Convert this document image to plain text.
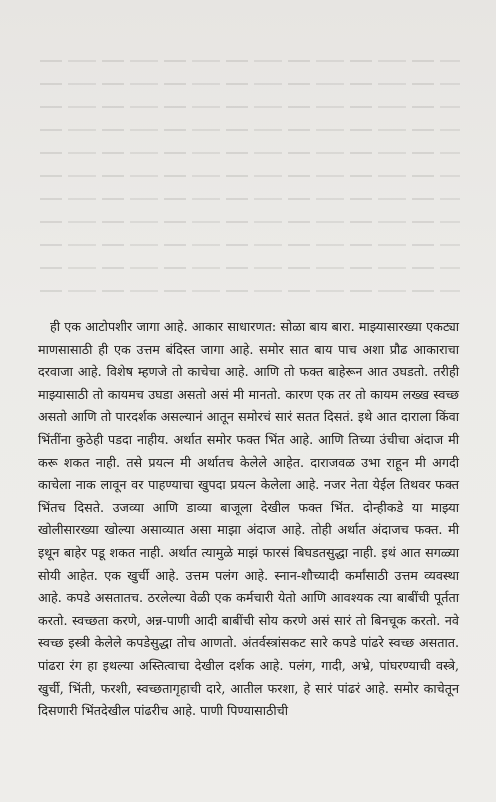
ही एक आटोपशीर जागा आहे. आकार साधारणत: सोळा बाय बारा. माझ्यासारख्या एकट्या माणसासाठी ही एक उत्तम बंदिस्त जागा आहे. समोर सात बाय पाच अशा प्रौढ आकाराचा दरवाजा आहे. विशेष म्हणजे तो काचेचा आहे. आणि तो फक्त बाहेरून आत उघडतो. तरीही माझ्यासाठी तो कायमच उघडा असतो असं मी मानतो. कारण एक तर तो कायम लख्ख स्वच्छ असतो आणि तो पारदर्शक असल्यानं आतून समोरचं सारं सतत दिसतं. इथे आत दाराला किंवा भिंतींना कुठेही पडदा नाहीय. अर्थात समोर फक्त भिंत आहे. आणि तिच्या उंचीचा अंदाज मी करू शकत नाही. तसे प्रयत्न मी अर्थातच केलेले आहेत. दाराजवळ उभा राहून मी अगदी काचेला नाक लावून वर पाहण्याचा खुपदा प्रयत्न केलेला आहे. नजर नेता येईल तिथवर फक्त भिंतच दिसते. उजव्या आणि डाव्या बाजूला देखील फक्त भिंत. दोन्हीकडे या माझ्या खोलीसारख्या खोल्या असाव्यात असा माझा अंदाज आहे. तोही अर्थात अंदाजच फक्त. मी इथून बाहेर पडू शकत नाही. अर्थात त्यामुळे माझं फारसं बिघडतसुद्धा नाही. इथं आत सगळ्या सोयी आहेत. एक खुर्ची आहे. उत्तम पलंग आहे. स्नान-शौच्यादी कर्मांसाठी उत्तम व्यवस्था आहे. कपडे असतातच. ठरलेल्या वेळी एक कर्मचारी येतो आणि आवश्यक त्या बाबींची पूर्तता करतो. स्वच्छता करणे, अन्न-पाणी आदी बाबींची सोय करणे असं सारं तो बिनचूक करतो. नवे स्वच्छ इस्त्री केलेले कपडेसुद्धा तोच आणतो. अंतर्वस्त्रांसकट सारे कपडे पांढरे स्वच्छ असतात. पांढरा रंग हा इथल्या अस्तित्वाचा देखील दर्शक आहे. पलंग, गादी, अभ्रे, पांघरण्याची वस्त्रे, खुर्ची, भिंती, फरशी, स्वच्छतागृहाची दारे, आतील फरशा, हे सारं पांढरं आहे. समोर काचेतून दिसणारी भिंतदेखील पांढरीच आहे. पाणी पिण्यासाठीची
